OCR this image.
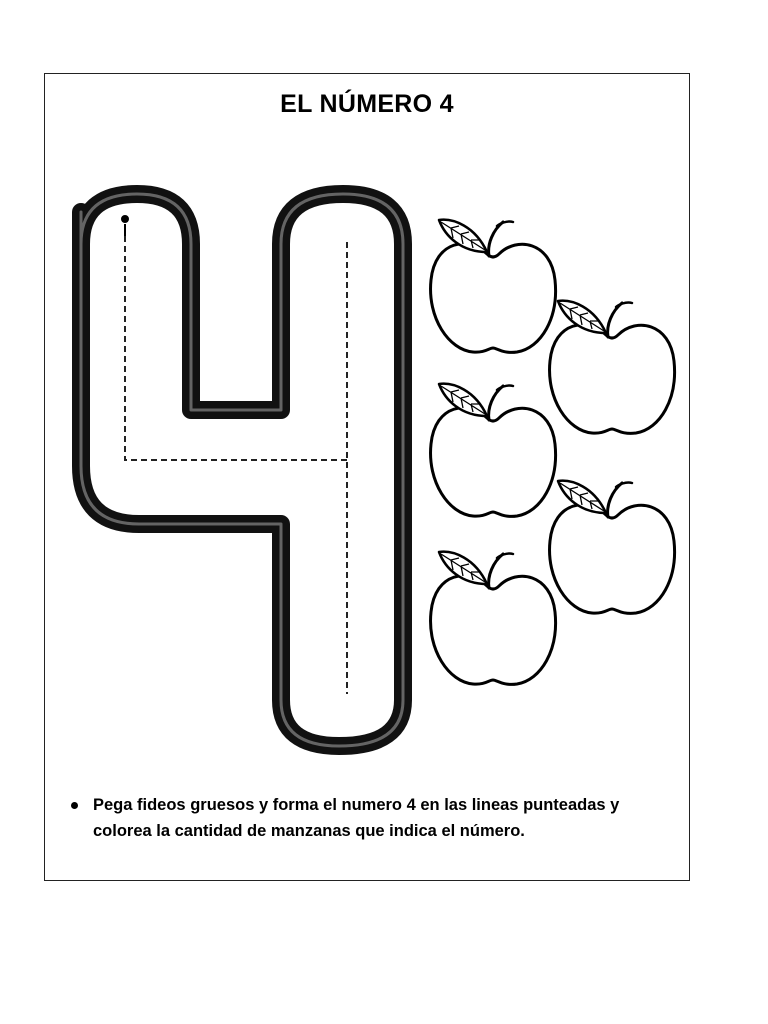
EL NÚMERO 4
Pega fideos gruesos y forma el numero 4 en las lineas punteadas y colorea la cantidad de manzanas que indica el número.
